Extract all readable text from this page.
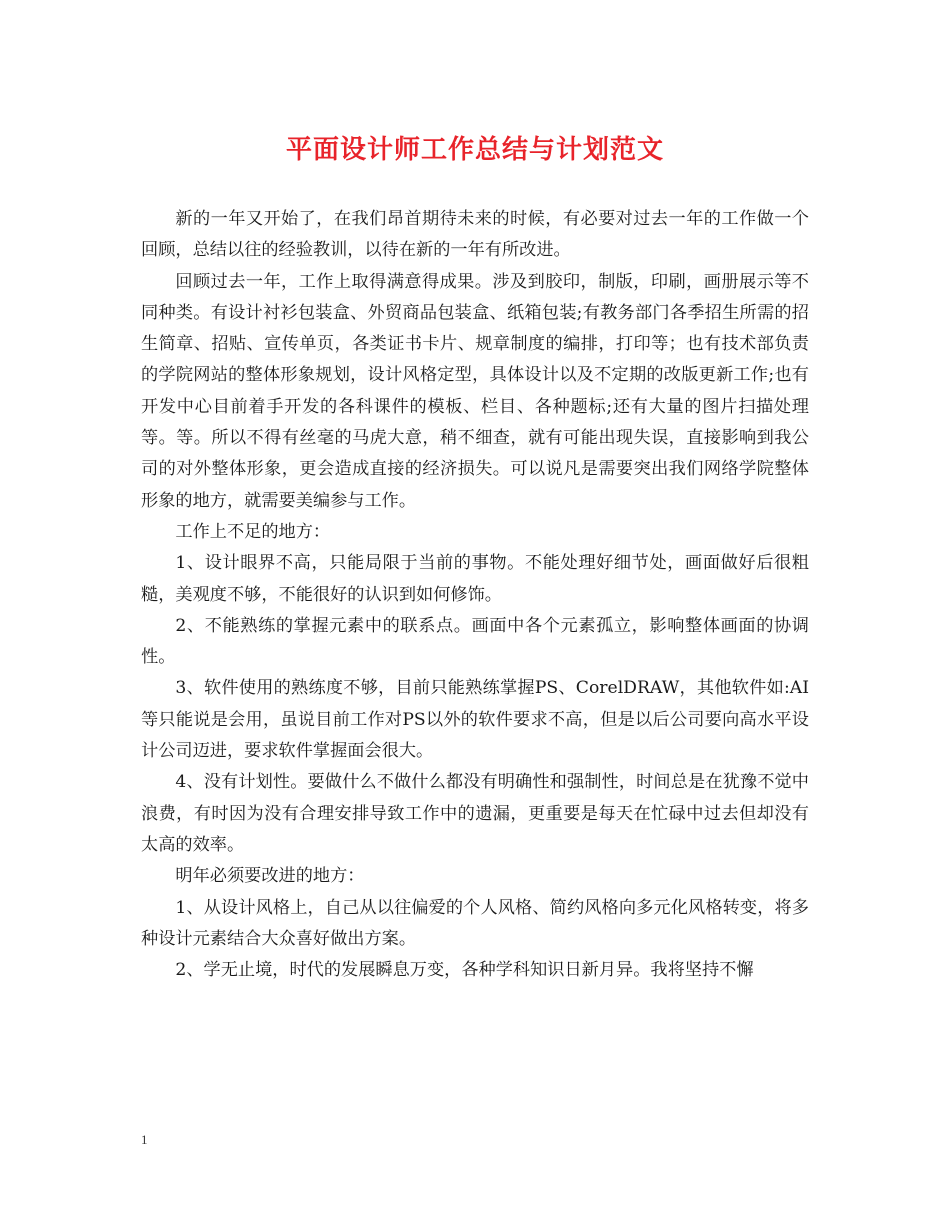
平面设计师工作总结与计划范文

新的一年又开始了，在我们昂首期待未来的时候，有必要对过去一年的工作做一个回顾，总结以往的经验教训，以待在新的一年有所改进。

回顾过去一年，工作上取得满意得成果。涉及到胶印，制版，印刷，画册展示等不同种类。有设计衬衫包装盒、外贸商品包装盒、纸箱包装;有教务部门各季招生所需的招生简章、招贴、宣传单页，各类证书卡片、规章制度的编排，打印等；也有技术部负责的学院网站的整体形象规划，设计风格定型，具体设计以及不定期的改版更新工作;也有开发中心目前着手开发的各科课件的模板、栏目、各种题标;还有大量的图片扫描处理等。等。所以不得有丝毫的马虎大意，稍不细查，就有可能出现失误，直接影响到我公司的对外整体形象，更会造成直接的经济损失。可以说凡是需要突出我们网络学院整体形象的地方，就需要美编参与工作。

工作上不足的地方：

1、设计眼界不高，只能局限于当前的事物。不能处理好细节处，画面做好后很粗糙，美观度不够，不能很好的认识到如何修饰。

2、不能熟练的掌握元素中的联系点。画面中各个元素孤立，影响整体画面的协调性。

3、软件使用的熟练度不够，目前只能熟练掌握PS、CorelDRAW，其他软件如:AI 等只能说是会用，虽说目前工作对PS以外的软件要求不高，但是以后公司要向高水平设计公司迈进，要求软件掌握面会很大。

4、没有计划性。要做什么不做什么都没有明确性和强制性，时间总是在犹豫不觉中浪费，有时因为没有合理安排导致工作中的遗漏，更重要是每天在忙碌中过去但却没有太高的效率。

明年必须要改进的地方：

1、从设计风格上，自己从以往偏爱的个人风格、简约风格向多元化风格转变，将多种设计元素结合大众喜好做出方案。

2、学无止境，时代的发展瞬息万变，各种学科知识日新月异。我将坚持不懈

1
